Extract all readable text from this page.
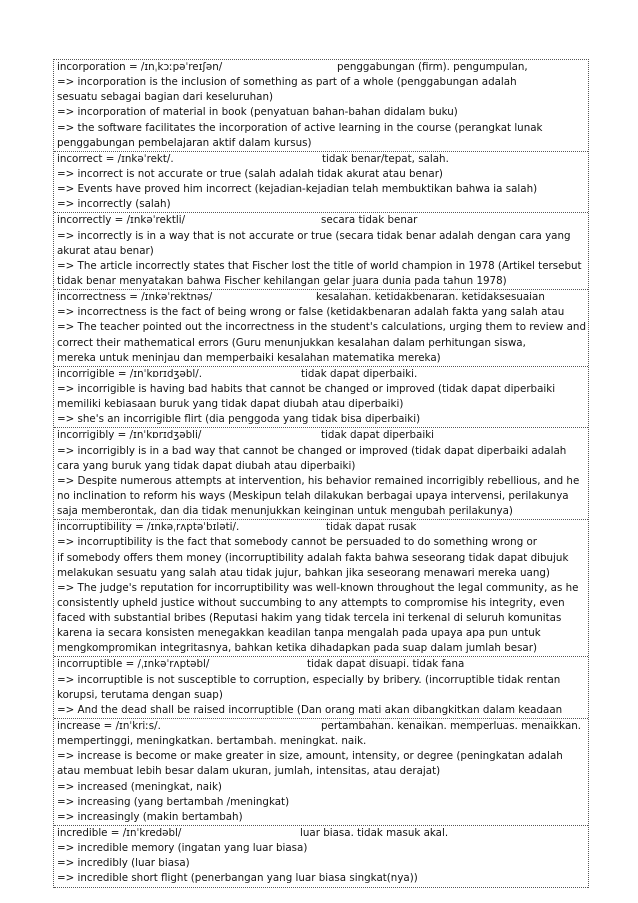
incorporation = /ɪnˌkɔːpəˈreɪʃən/	penggabungan (firm). pengumpulan,
=> incorporation is the inclusion of something as part of a whole (penggabungan adalah
sesuatu sebagai bagian dari keseluruhan)
=> incorporation of material in book (penyatuan bahan-bahan didalam buku)
=> the software facilitates the incorporation of active learning in the course (perangkat lunak
penggabungan pembelajaran aktif dalam kursus)
incorrect = /ɪnkəˈrekt/.	tidak benar/tepat, salah.
=> incorrect is not accurate or true (salah adalah tidak akurat atau benar)
=> Events have proved him incorrect (kejadian-kejadian telah membuktikan bahwa ia salah)
=> incorrectly (salah)
incorrectly = /ɪnkəˈrektli/	secara tidak benar
=> incorrectly is in a way that is not accurate or true (secara tidak benar adalah dengan cara yang
akurat atau benar)
=> The article incorrectly states that Fischer lost the title of world champion in 1978 (Artikel tersebut
tidak benar menyatakan bahwa Fischer kehilangan gelar juara dunia pada tahun 1978)
incorrectness = /ɪnkəˈrektnəs/	kesalahan. ketidakbenaran. ketidaksesuaian
=> incorrectness is the fact of being wrong or false (ketidakbenaran adalah fakta yang salah atau
=> The teacher pointed out the incorrectness in the student's calculations, urging them to review and
correct their mathematical errors (Guru menunjukkan kesalahan dalam perhitungan siswa,
mereka untuk meninjau dan memperbaiki kesalahan matematika mereka)
incorrigible = /ɪnˈkɒrɪdʒəbl/.	tidak dapat diperbaiki.
=> incorrigible is having bad habits that cannot be changed or improved (tidak dapat diperbaiki
memiliki kebiasaan buruk yang tidak dapat diubah atau diperbaiki)
=> she's an incorrigible flirt (dia penggoda yang tidak bisa diperbaiki)
incorrigibly = /ɪnˈkɒrɪdʒəbli/	tidak dapat diperbaiki
=> incorrigibly is in a bad way that cannot be changed or improved (tidak dapat diperbaiki adalah
cara yang buruk yang tidak dapat diubah atau diperbaiki)
=> Despite numerous attempts at intervention, his behavior remained incorrigibly rebellious, and he
no inclination to reform his ways (Meskipun telah dilakukan berbagai upaya intervensi, perilakunya
saja memberontak, dan dia tidak menunjukkan keinginan untuk mengubah perilakunya)
incorruptibility = /ɪnkəˌrʌptəˈbɪləti/.	tidak dapat rusak
=> incorruptibility is the fact that somebody cannot be persuaded to do something wrong or
if somebody offers them money (incorruptibility adalah fakta bahwa seseorang tidak dapat dibujuk
melakukan sesuatu yang salah atau tidak jujur, bahkan jika seseorang menawari mereka uang)
=> The judge's reputation for incorruptibility was well-known throughout the legal community, as he
consistently upheld justice without succumbing to any attempts to compromise his integrity, even
faced with substantial bribes (Reputasi hakim yang tidak tercela ini terkenal di seluruh komunitas
karena ia secara konsisten menegakkan keadilan tanpa mengalah pada upaya apa pun untuk
mengkompromikan integritasnya, bahkan ketika dihadapkan pada suap dalam jumlah besar)
incorruptible = /ˌɪnkəˈrʌptəbl/	tidak dapat disuapi. tidak fana
=> incorruptible is not susceptible to corruption, especially by bribery. (incorruptible tidak rentan
korupsi, terutama dengan suap)
=> And the dead shall be raised incorruptible (Dan orang mati akan dibangkitkan dalam keadaan
increase = /ɪnˈkriːs/.	pertambahan. kenaikan. memperluas. menaikkan.
mempertinggi, meningkatkan. bertambah. meningkat. naik.
=> increase is become or make greater in size, amount, intensity, or degree (peningkatan adalah
atau membuat lebih besar dalam ukuran, jumlah, intensitas, atau derajat)
=> increased (meningkat, naik)
=> increasing (yang bertambah /meningkat)
=> increasingly (makin bertambah)
incredible = /ɪnˈkredəbl/	luar biasa. tidak masuk akal.
=> incredible memory (ingatan yang luar biasa)
=> incredibly (luar biasa)
=> incredible short flight (penerbangan yang luar biasa singkat(nya))
